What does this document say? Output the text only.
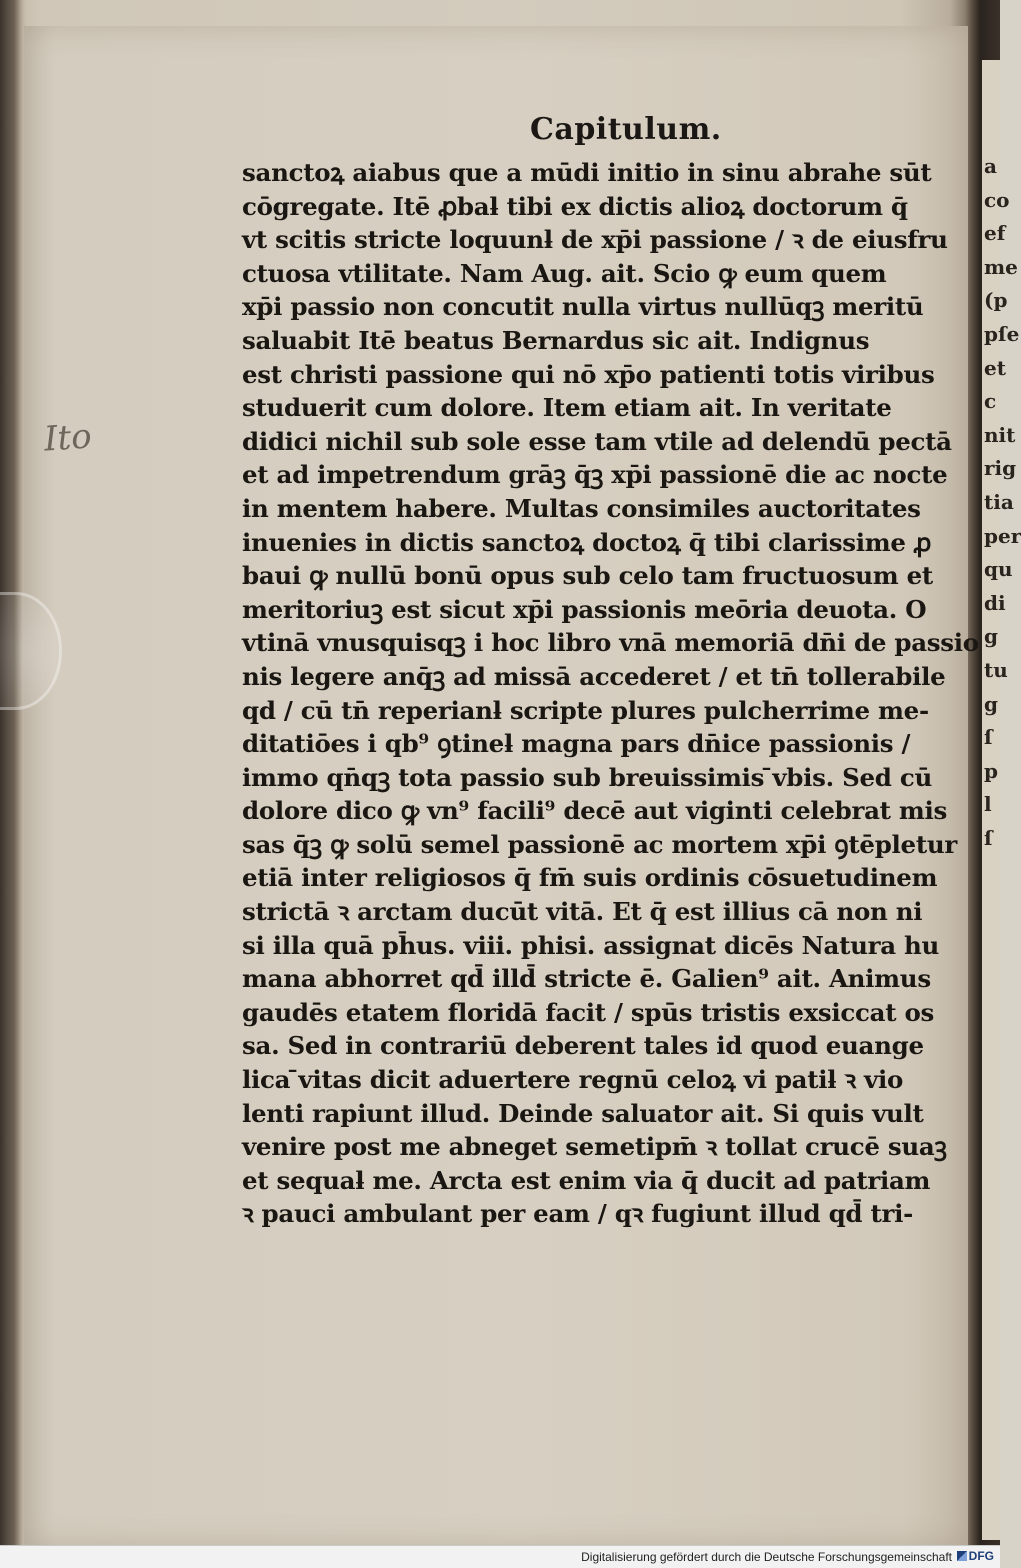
a
co
ef
me
(p
pſe
et c
nit
rig
tia
per
qu
di
g
tu
g
ſ
p
l
ſ
Ito
Capitulum.
sanctoꝝ aiabus que a mūdi initio in sinu abrahe sūt
cōgregate. Itē ꝓbaƚ tibi ex dictis alioꝝ doctorum q̄
vt scitis stricte loquunƚ de xp̄i passione / ꝛ de eiusfru
ctuosa vtilitate. Nam Aug. ait. Scio ꝙ eum quem
xp̄i passio non concutit nulla virtus nullūqꝫ meritū
saluabit Itē beatus Bernardus sic ait. Indignus
est christi passione qui nō xp̄o patienti totis viribus
studuerit cum dolore. Item etiam ait. In veritate
didici nichil sub sole esse tam vtile ad delendū pectā
et ad impetrendum grāꝫ q̄ꝫ xp̄i passionē die ac nocte
in mentem habere. Multas consimiles auctoritates
inuenies in dictis sanctoꝝ doctoꝝ q̄ tibi clarissime ꝓ
baui ꝙ nullū bonū opus sub celo tam fructuosum et
meritoriuꝫ est sicut xp̄i passionis meōria deuota. O
vtinā vnusquisqꝫ i hoc libro vnā memoriā dn̄i de passio
nis legere anq̄ꝫ ad missā accederet / et tn̄ tollerabile
qd / cū tn̄ reperianƚ scripte plures pulcherrime me-
ditatiōes i qb⁹ ꝯtineƚ magna pars dn̄ice passionis /
immo qn̄qꝫ tota passio sub breuissimis ̄vbis. Sed cū
dolore dico ꝙ vn⁹ facili⁹ decē aut viginti celebrat mis
sas q̄ꝫ ꝙ solū semel passionē ac mortem xp̄i ꝯtēpletur
etiā inter religiosos q̄ fm̄ suis ordinis cōsuetudinem
strictā ꝛ arctam ducūt vitā. Et q̄ est illius cā non ni
si illa quā ph̄us. viii. phisi. assignat dicēs Natura hu
mana abhorret qd̄ illd̄ stricte ē. Galien⁹ ait. Animus
gaudēs etatem floridā facit / spūs tristis exsiccat os
sa. Sed in contrariū deberent tales id quod euange
lica ̄vitas dicit aduertere regnū celoꝝ vi patiƚ ꝛ vio
lenti rapiunt illud. Deinde saluator ait. Si quis vult
venire post me abneget semetipm̄ ꝛ tollat crucē suaꝫ
et sequaƚ me. Arcta est enim via q̄ ducit ad patriam
ꝛ pauci ambulant per eam / qꝛ fugiunt illud qd̄ tri-
Digitalisierung gefördert durch die Deutsche Forschungsgemeinschaft	DFG
